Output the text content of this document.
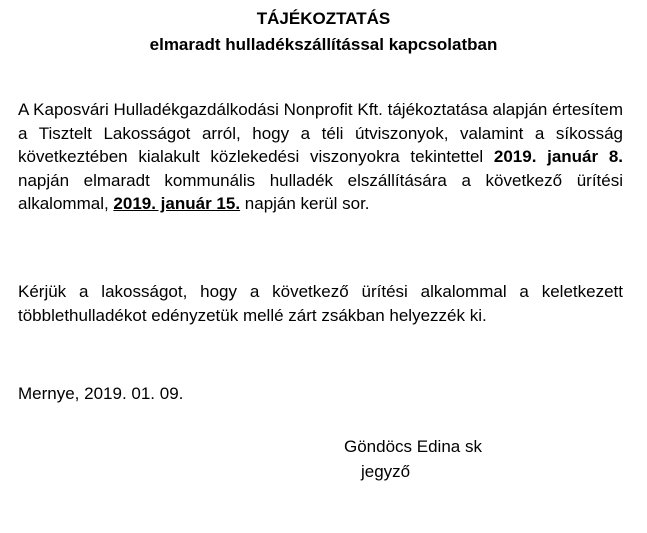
TÁJÉKOZTATÁS
elmaradt hulladékszállítással kapcsolatban

A Kaposvári Hulladékgazdálkodási Nonprofit Kft. tájékoztatása alapján értesítem a Tisztelt Lakosságot arról, hogy a téli útviszonyok, valamint a síkosság következtében kialakult közlekedési viszonyokra tekintettel 2019. január 8. napján elmaradt kommunális hulladék elszállítására a következő ürítési alkalommal, 2019. január 15. napján kerül sor.

Kérjük a lakosságot, hogy a következő ürítési alkalommal a keletkezett többlethulladékot edényzetük mellé zárt zsákban helyezzék ki.

Mernye, 2019. 01. 09.
Göndöcs Edina sk
jegyző
